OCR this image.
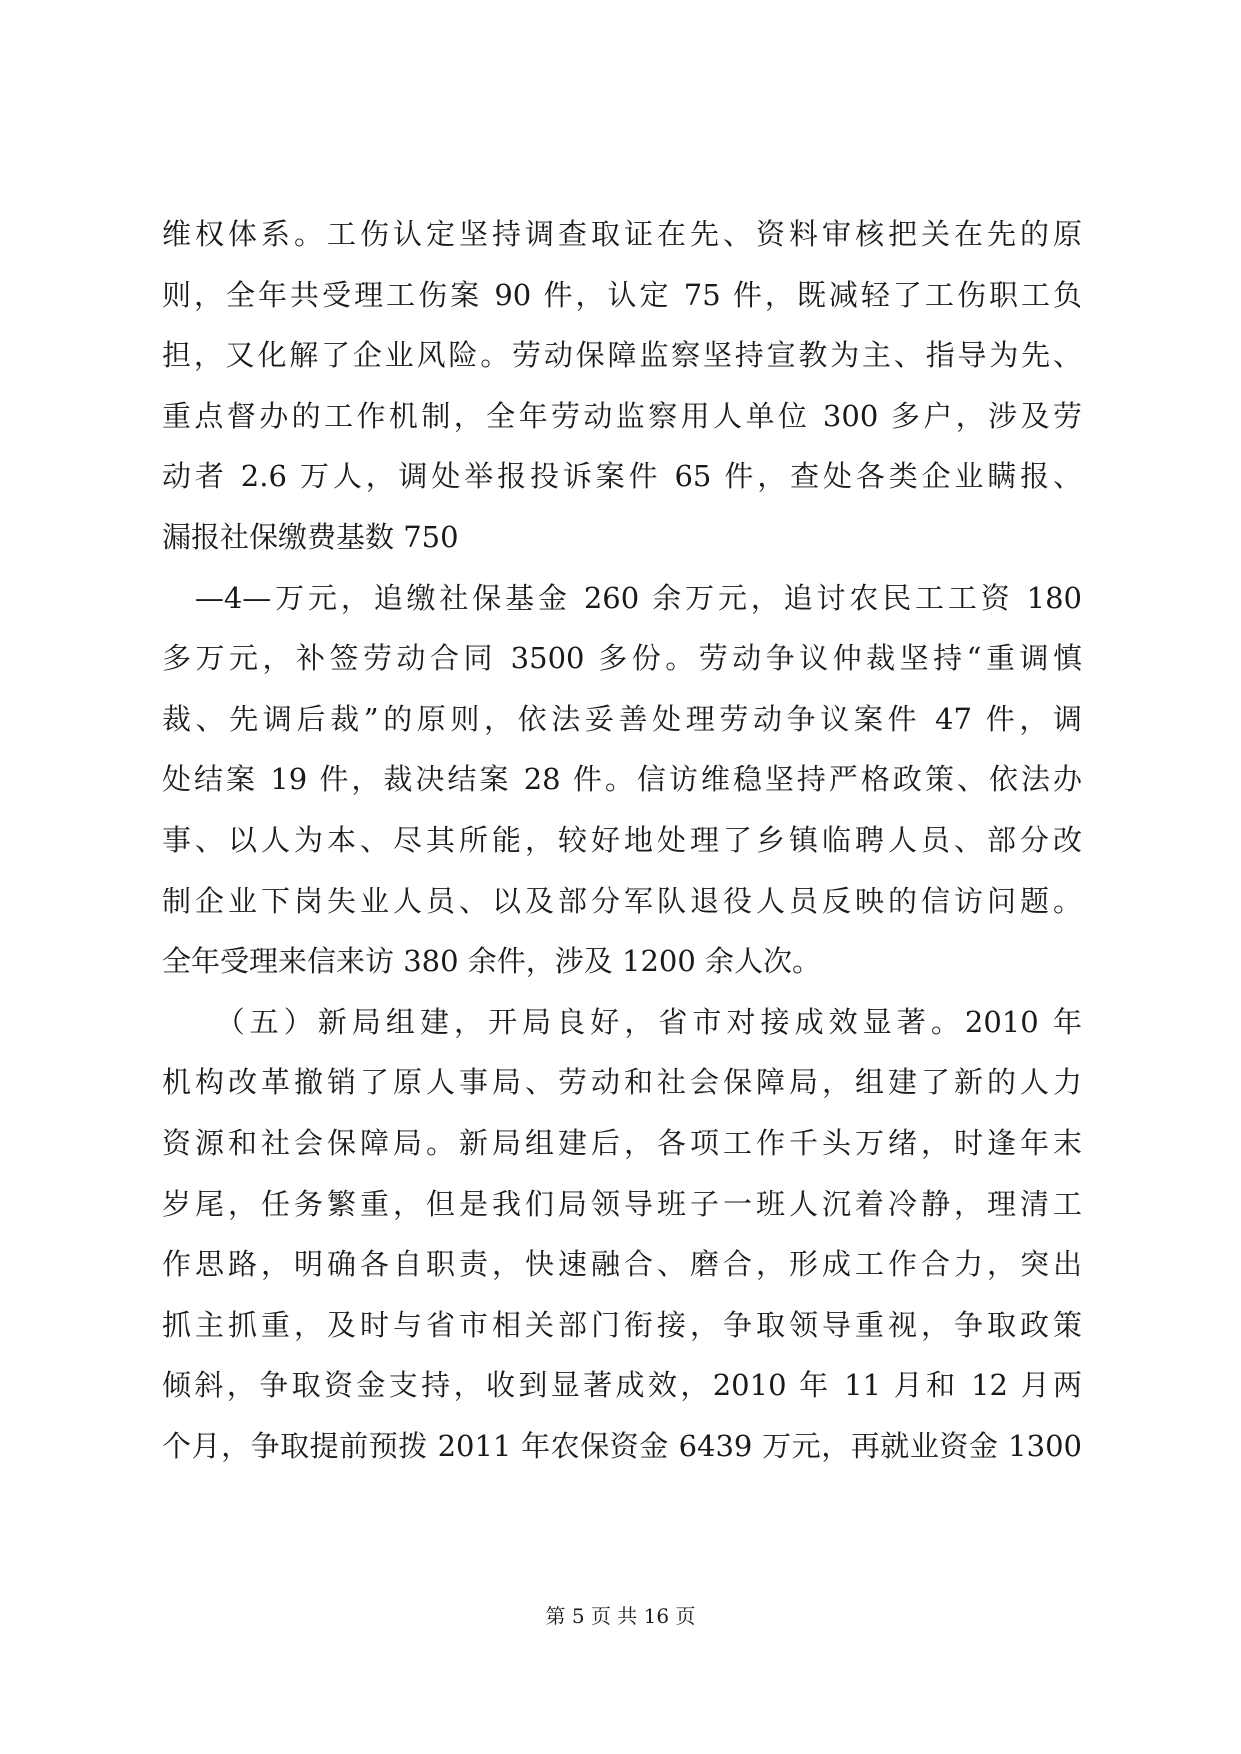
维权体系。工伤认定坚持调查取证在先、资料审核把关在先的原
则，全年共受理工伤案 90 件，认定 75 件，既减轻了工伤职工负
担，又化解了企业风险。劳动保障监察坚持宣教为主、指导为先、
重点督办的工作机制，全年劳动监察用人单位 300 多户，涉及劳
动者 2.6 万人，调处举报投诉案件 65 件，查处各类企业瞒报、
漏报社保缴费基数 750
　—4—万元，追缴社保基金 260 余万元，追讨农民工工资 180
多万元，补签劳动合同 3500 多份。劳动争议仲裁坚持“重调慎
裁、先调后裁”的原则，依法妥善处理劳动争议案件 47 件，调
处结案 19 件，裁决结案 28 件。信访维稳坚持严格政策、依法办
事、以人为本、尽其所能，较好地处理了乡镇临聘人员、部分改
制企业下岗失业人员、以及部分军队退役人员反映的信访问题。
全年受理来信来访 380 余件，涉及 1200 余人次。
　　（五）新局组建，开局良好，省市对接成效显著。2010 年
机构改革撤销了原人事局、劳动和社会保障局，组建了新的人力
资源和社会保障局。新局组建后，各项工作千头万绪，时逢年末
岁尾，任务繁重，但是我们局领导班子一班人沉着冷静，理清工
作思路，明确各自职责，快速融合、磨合，形成工作合力，突出
抓主抓重，及时与省市相关部门衔接，争取领导重视，争取政策
倾斜，争取资金支持，收到显著成效，2010 年 11 月和 12 月两
个月，争取提前预拨 2011 年农保资金 6439 万元，再就业资金 1300
第 5 页 共 16 页
